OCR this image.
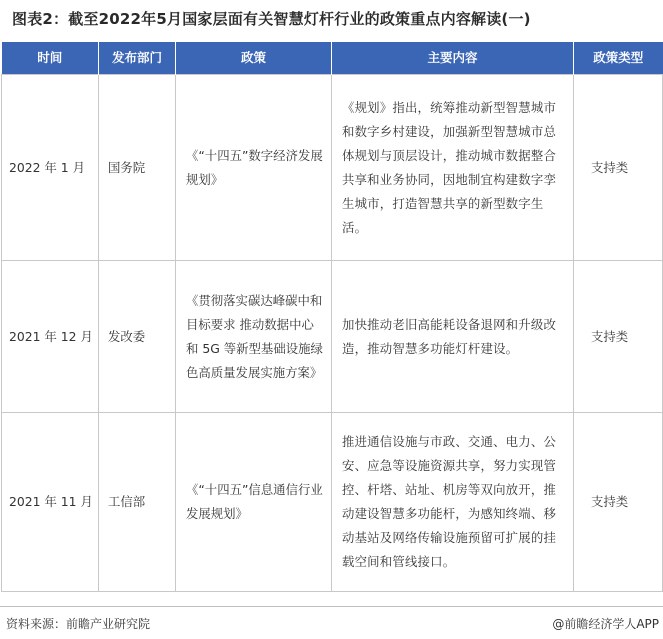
图表2：截至2022年5月国家层面有关智慧灯杆行业的政策重点内容解读(一)
时间	发布部门	政策	主要内容	政策类型
2022 年 1 月	国务院	《“十四五”数字经济发展规划》	《规划》指出，统筹推动新型智慧城市和数字乡村建设，加强新型智慧城市总体规划与顶层设计，推动城市数据整合共享和业务协同，因地制宜构建数字孪生城市，打造智慧共享的新型数字生活。	支持类
2021 年 12 月	发改委	《贯彻落实碳达峰碳中和目标要求 推动数据中心和 5G 等新型基础设施绿色高质量发展实施方案》	加快推动老旧高能耗设备退网和升级改造，推动智慧多功能灯杆建设。	支持类
2021 年 11 月	工信部	《“十四五”信息通信行业发展规划》	推进通信设施与市政、交通、电力、公安、应急等设施资源共享，努力实现管控、杆塔、站址、机房等双向放开，推动建设智慧多功能杆，为感知终端、移动基站及网络传输设施预留可扩展的挂载空间和管线接口。	支持类
资料来源：前瞻产业研究院	@前瞻经济学人APP
